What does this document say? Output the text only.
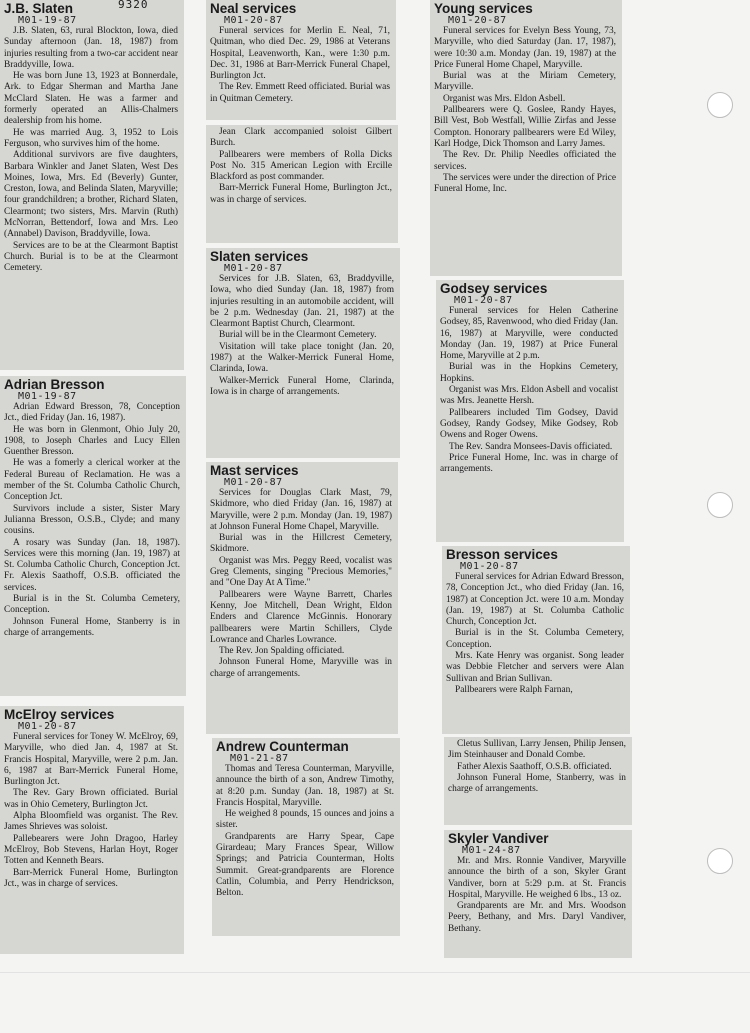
J.B. Slaten	9320
M01-19-87

J.B. Slaten, 63, rural Blockton, Iowa, died Sunday afternoon (Jan. 18, 1987) from injuries resulting from a two-car accident near Braddyville, Iowa.

He was born June 13, 1923 at Bonnerdale, Ark. to Edgar Sherman and Martha Jane McClard Slaten. He was a farmer and formerly operated an Allis-Chalmers dealership from his home.

He was married Aug. 3, 1952 to Lois Ferguson, who survives him of the home.

Additional survivors are five daughters, Barbara Winkler and Janet Slaten, West Des Moines, Iowa, Mrs. Ed (Beverly) Gunter, Creston, Iowa, and Belinda Slaten, Maryville; four grandchildren; a brother, Richard Slaten, Clearmont; two sisters, Mrs. Marvin (Ruth) McNorran, Bettendorf, Iowa and Mrs. Leo (Annabel) Davison, Braddyville, Iowa.

Services are to be at the Clearmont Baptist Church. Burial is to be at the Clearmont Cemetery.

Adrian Bresson
M01-19-87

Adrian Edward Bresson, 78, Conception Jct., died Friday (Jan. 16, 1987).

He was born in Glenmont, Ohio July 20, 1908, to Joseph Charles and Lucy Ellen Guenther Bresson.

He was a fomerly a clerical worker at the Federal Bureau of Reclamation. He was a member of the St. Columba Catholic Church, Conception Jct.

Survivors include a sister, Sister Mary Julianna Bresson, O.S.B., Clyde; and many cousins.

A rosary was Sunday (Jan. 18, 1987). Services were this morning (Jan. 19, 1987) at St. Columba Catholic Church, Conception Jct. Fr. Alexis Saathoff, O.S.B. officiated the services.

Burial is in the St. Columba Cemetery, Conception.

Johnson Funeral Home, Stanberry is in charge of arrangements.

McElroy services
M01-20-87

Funeral services for Toney W. McElroy, 69, Maryville, who died Jan. 4, 1987 at St. Francis Hospital, Maryville, were 2 p.m. Jan. 6, 1987 at Barr-Merrick Funeral Home, Burlington Jct.

The Rev. Gary Brown officiated. Burial was in Ohio Cemetery, Burlington Jct.

Alpha Bloomfield was organist. The Rev. James Shrieves was soloist.

Pallebearers were John Dragoo, Harley McElroy, Bob Stevens, Harlan Hoyt, Roger Totten and Kenneth Bears.

Barr-Merrick Funeral Home, Burlington Jct., was in charge of services.

Neal services
M01-20-87

Funeral services for Merlin E. Neal, 71, Quitman, who died Dec. 29, 1986 at Veterans Hospital, Leavenworth, Kan., were 1:30 p.m. Dec. 31, 1986 at Barr-Merrick Funeral Chapel, Burlington Jct.

The Rev. Emmett Reed officiated. Burial was in Quitman Cemetery.

Jean Clark accompanied soloist Gilbert Burch.

Pallbearers were members of Rolla Dicks Post No. 315 American Legion with Ercille Blackford as post commander.

Barr-Merrick Funeral Home, Burlington Jct., was in charge of services.

Slaten services
M01-20-87

Services for J.B. Slaten, 63, Braddyville, Iowa, who died Sunday (Jan. 18, 1987) from injuries resulting in an automobile accident, will be 2 p.m. Wednesday (Jan. 21, 1987) at the Clearmont Baptist Church, Clearmont.

Burial will be in the Clearmont Cemetery.

Visitation will take place tonight (Jan. 20, 1987) at the Walker-Merrick Funeral Home, Clarinda, Iowa.

Walker-Merrick Funeral Home, Clarinda, Iowa is in charge of arrangements.

Mast services
M01-20-87

Services for Douglas Clark Mast, 79, Skidmore, who died Friday (Jan. 16, 1987) at Maryville, were 2 p.m. Monday (Jan. 19, 1987) at Johnson Funeral Home Chapel, Maryville.

Burial was in the Hillcrest Cemetery, Skidmore.

Organist was Mrs. Peggy Reed, vocalist was Greg Clements, singing "Precious Memories," and "One Day At A Time."

Pallbearers were Wayne Barrett, Charles Kenny, Joe Mitchell, Dean Wright, Eldon Enders and Clarence McGinnis. Honorary pallbearers were Martin Schillers, Clyde Lowrance and Charles Lowrance.

The Rev. Jon Spalding officiated.

Johnson Funeral Home, Maryville was in charge of arrangements.

Andrew Counterman
M01-21-87

Thomas and Teresa Counterman, Maryville, announce the birth of a son, Andrew Timothy, at 8:20 p.m. Sunday (Jan. 18, 1987) at St. Francis Hospital, Maryville.

He weighed 8 pounds, 15 ounces and joins a sister.

Grandparents are Harry Spear, Cape Girardeau; Mary Frances Spear, Willow Springs; and Patricia Counterman, Holts Summit. Great-grandparents are Florence Catlin, Columbia, and Perry Hendrickson, Belton.

Young services
M01-20-87

Funeral services for Evelyn Bess Young, 73, Maryville, who died Saturday (Jan. 17, 1987), were 10:30 a.m. Monday (Jan. 19, 1987) at the Price Funeral Home Chapel, Maryville.

Burial was at the Miriam Cemetery, Maryville.

Organist was Mrs. Eldon Asbell.

Pallbearers were Q. Goslee, Randy Hayes, Bill Vest, Bob Westfall, Willie Zirfas and Jesse Compton. Honorary pallbearers were Ed Wiley, Karl Hodge, Dick Thomson and Larry James.

The Rev. Dr. Philip Needles officiated the services.

The services were under the direction of Price Funeral Home, Inc.

Godsey services
M01-20-87

Funeral services for Helen Catherine Godsey, 85, Ravenwood, who died Friday (Jan. 16, 1987) at Maryville, were conducted Monday (Jan. 19, 1987) at Price Funeral Home, Maryville at 2 p.m.

Burial was in the Hopkins Cemetery, Hopkins.

Organist was Mrs. Eldon Asbell and vocalist was Mrs. Jeanette Hersh.

Pallbearers included Tim Godsey, David Godsey, Randy Godsey, Mike Godsey, Rob Owens and Roger Owens.

The Rev. Sandra Monsees-Davis officiated.

Price Funeral Home, Inc. was in charge of arrangements.

Bresson services
M01-20-87

Funeral services for Adrian Edward Bresson, 78, Conception Jct., who died Friday (Jan. 16, 1987) at Conception Jct. were 10 a.m. Monday (Jan. 19, 1987) at St. Columba Catholic Church, Conception Jct.

Burial is in the St. Columba Cemetery, Conception.

Mrs. Kate Henry was organist. Song leader was Debbie Fletcher and servers were Alan Sullivan and Brian Sullivan.

Pallbearers were Ralph Farnan,

Cletus Sullivan, Larry Jensen, Philip Jensen, Jim Steinhauser and Donald Combe.

Father Alexis Saathoff, O.S.B. officiated.

Johnson Funeral Home, Stanberry, was in charge of arrangements.

Skyler Vandiver
M01-24-87

Mr. and Mrs. Ronnie Vandiver, Maryville announce the birth of a son, Skyler Grant Vandiver, born at 5:29 p.m. at St. Francis Hospital, Maryville. He weighed 6 lbs., 13 oz.

Grandparents are Mr. and Mrs. Woodson Peery, Bethany, and Mrs. Daryl Vandiver, Bethany.
